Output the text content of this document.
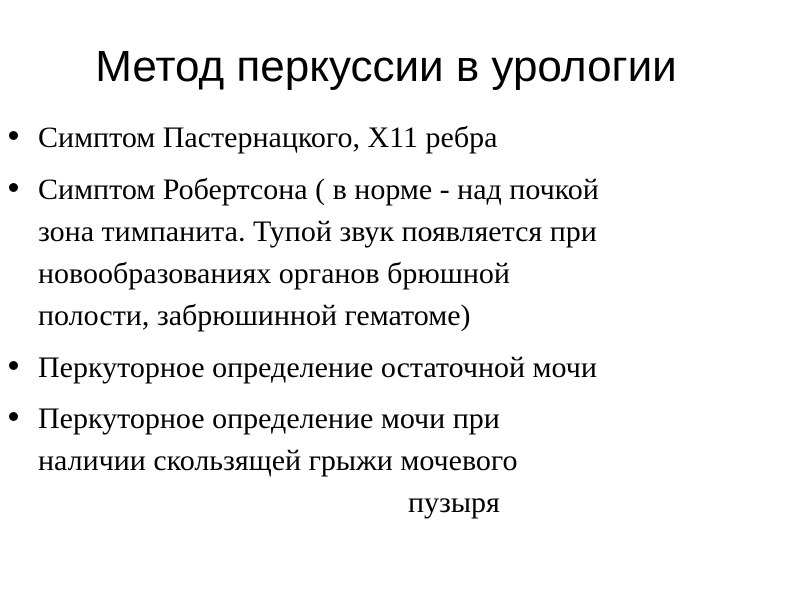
Метод перкуссии в урологии
Симптом Пастернацкого, Х11 ребра
Симптом Робертсона ( в норме - над почкой
зона тимпанита. Тупой звук появляется при
новообразованиях органов брюшной
полости, забрюшинной гематоме)
Перкуторное определение остаточной мочи
Перкуторное определение мочи при
наличии скользящей грыжи мочевого
пузыря
